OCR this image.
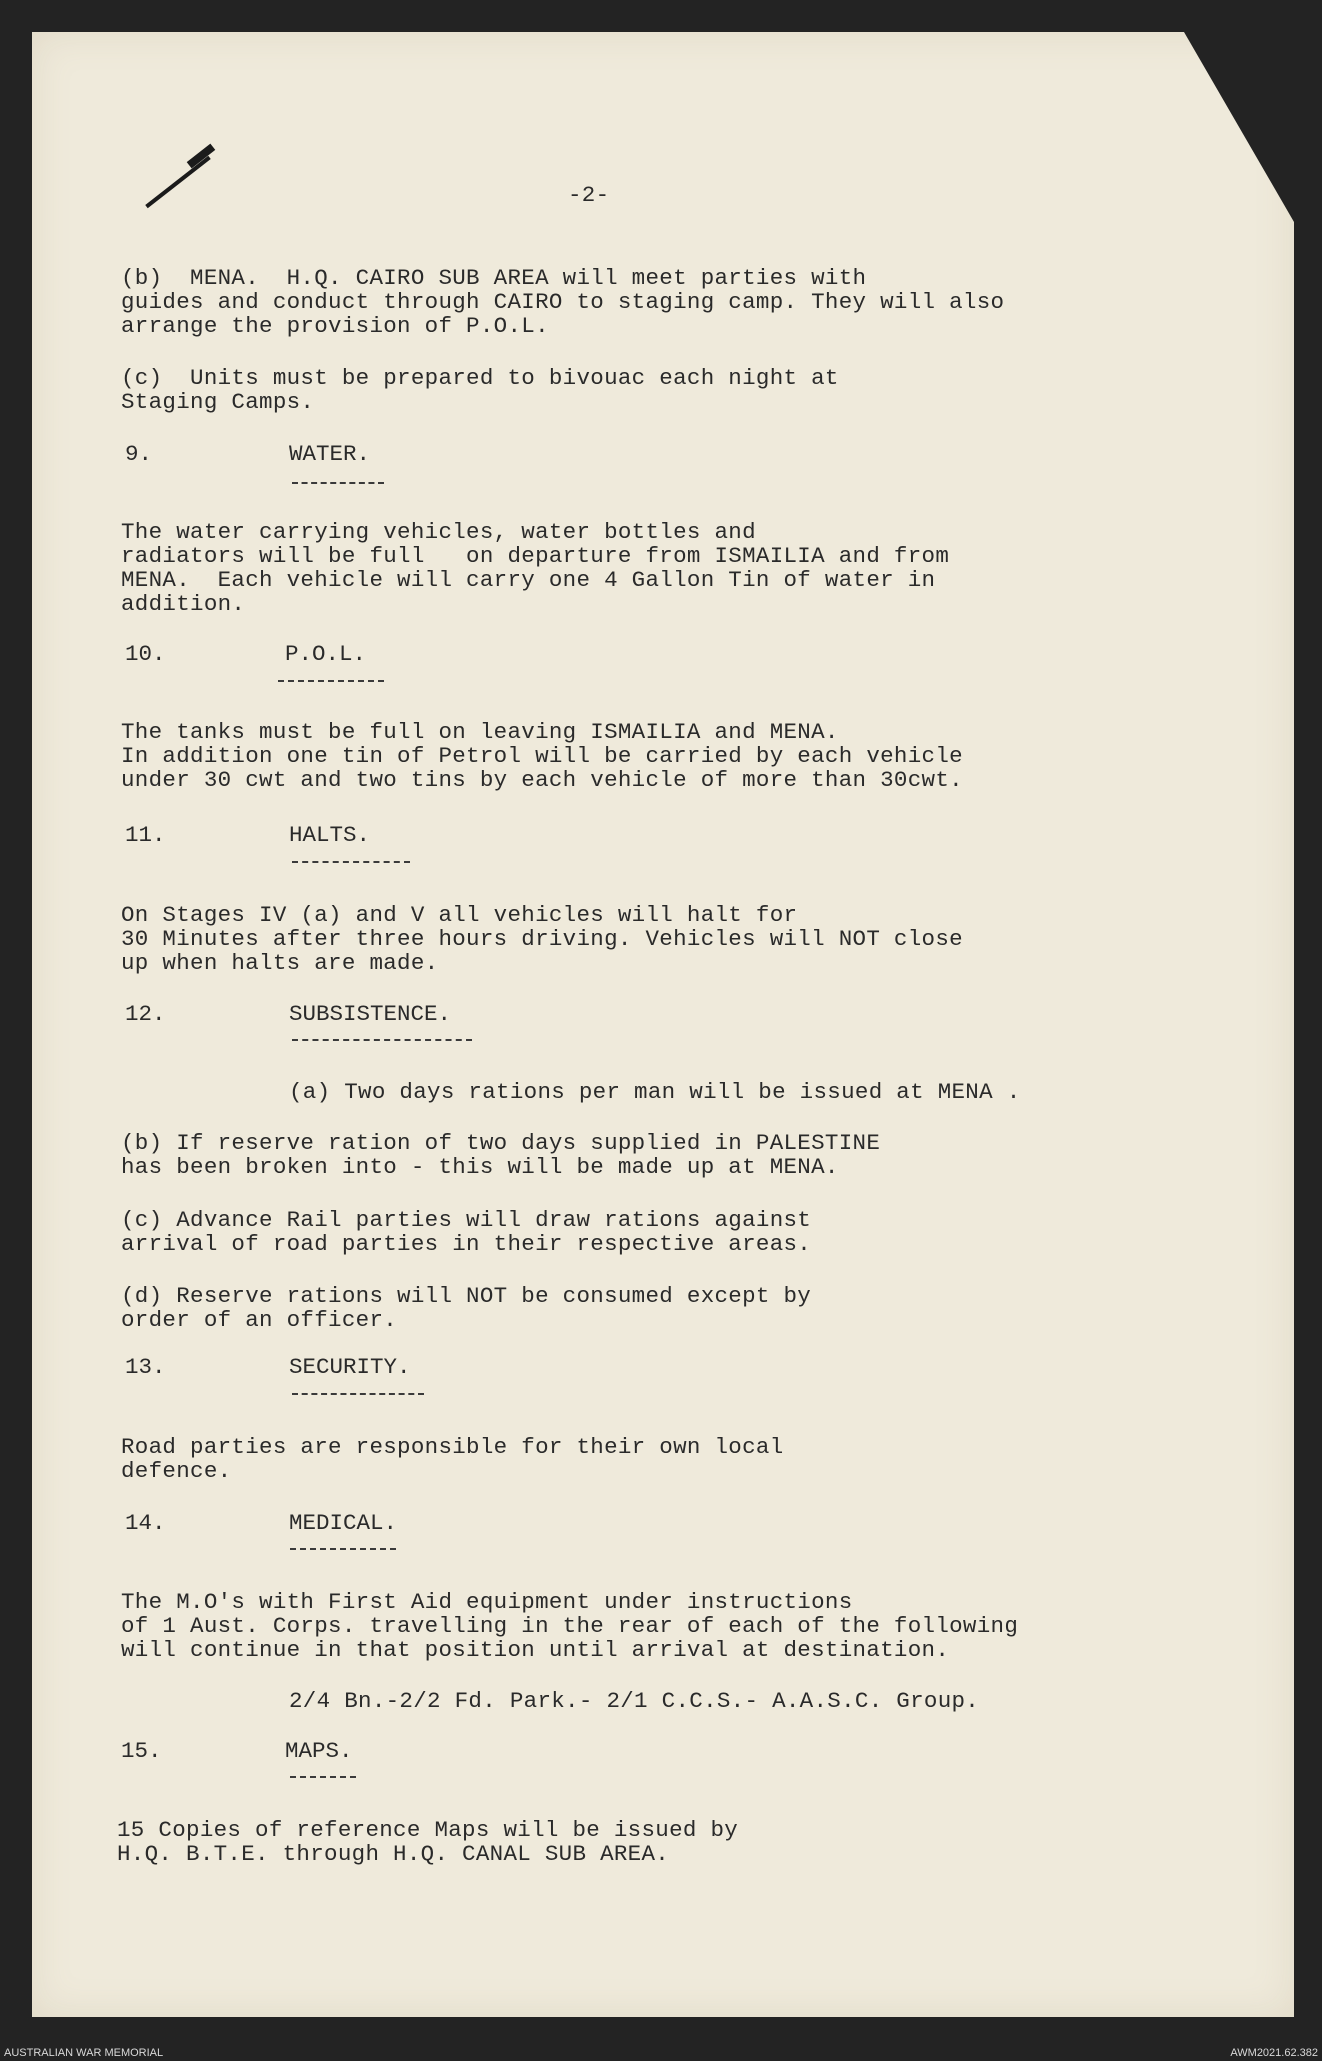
-2-
(b)  MENA.  H.Q. CAIRO SUB AREA will meet parties with
guides and conduct through CAIRO to staging camp. They will also
arrange the provision of P.O.L.
(c)  Units must be prepared to bivouac each night at
Staging Camps.
9.	WATER.
The water carrying vehicles, water bottles and
radiators will be full   on departure from ISMAILIA and from
MENA.  Each vehicle will carry one 4 Gallon Tin of water in
addition.
10.	P.O.L.
The tanks must be full on leaving ISMAILIA and MENA.
In addition one tin of Petrol will be carried by each vehicle
under 30 cwt and two tins by each vehicle of more than 30cwt.
11.	HALTS.
On Stages IV (a) and V all vehicles will halt for
30 Minutes after three hours driving. Vehicles will NOT close
up when halts are made.
12.	SUBSISTENCE.
(a) Two days rations per man will be issued at MENA .
(b) If reserve ration of two days supplied in PALESTINE
has been broken into - this will be made up at MENA.
(c) Advance Rail parties will draw rations against
arrival of road parties in their respective areas.
(d) Reserve rations will NOT be consumed except by
order of an officer.
13.	SECURITY.
Road parties are responsible for their own local
defence.
14.	MEDICAL.
The M.O's with First Aid equipment under instructions
of 1 Aust. Corps. travelling in the rear of each of the following
will continue in that position until arrival at destination.
2/4 Bn.-2/2 Fd. Park.- 2/1 C.C.S.- A.A.S.C. Group.
15.	MAPS.
15 Copies of reference Maps will be issued by
H.Q. B.T.E. through H.Q. CANAL SUB AREA.
AUSTRALIAN WAR MEMORIAL	AWM2021.62.382
